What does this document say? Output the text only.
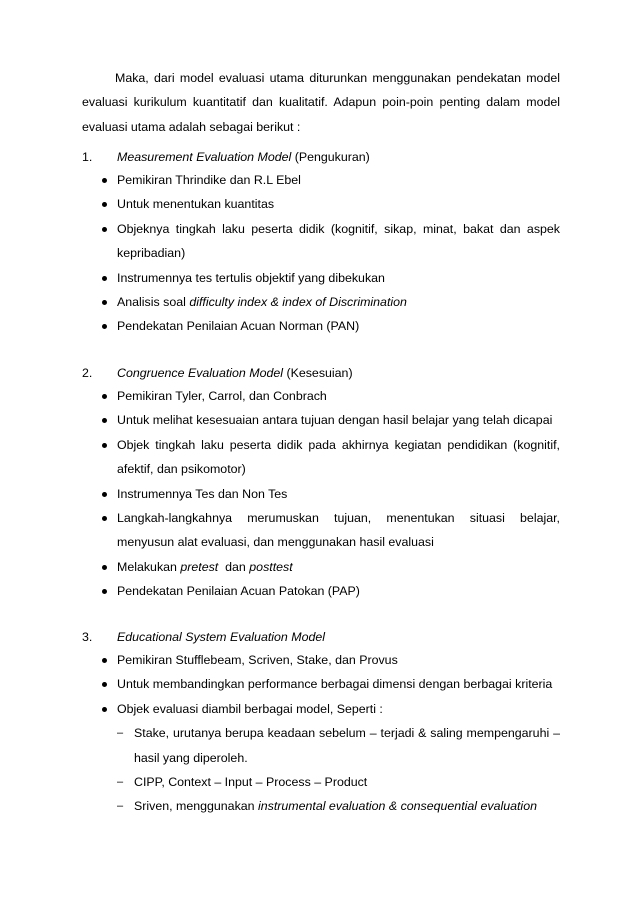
Maka, dari model evaluasi utama diturunkan menggunakan pendekatan model evaluasi kurikulum kuantitatif dan kualitatif. Adapun poin-poin penting dalam model evaluasi utama adalah sebagai berikut :

1. Measurement Evaluation Model (Pengukuran)
Pemikiran Thrindike dan R.L Ebel
Untuk menentukan kuantitas
Objeknya tingkah laku peserta didik (kognitif, sikap, minat, bakat dan aspek kepribadian)
Instrumennya tes tertulis objektif yang dibekukan
Analisis soal difficulty index & index of Discrimination
Pendekatan Penilaian Acuan Norman (PAN)
2. Congruence Evaluation Model (Kesesuian)
Pemikiran Tyler, Carrol, dan Conbrach
Untuk melihat kesesuaian antara tujuan dengan hasil belajar yang telah dicapai
Objek tingkah laku peserta didik pada akhirnya kegiatan pendidikan (kognitif, afektif, dan psikomotor)
Instrumennya Tes dan Non Tes
Langkah-langkahnya merumuskan tujuan, menentukan situasi belajar, menyusun alat evaluasi, dan menggunakan hasil evaluasi
Melakukan pretest  dan posttest
Pendekatan Penilaian Acuan Patokan (PAP)
3. Educational System Evaluation Model
Pemikiran Stufflebeam, Scriven, Stake, dan Provus
Untuk membandingkan performance berbagai dimensi dengan berbagai kriteria
Objek evaluasi diambil berbagai model, Seperti :
– Stake, urutanya berupa keadaan sebelum – terjadi & saling mempengaruhi – hasil yang diperoleh.
– CIPP, Context – Input – Process – Product
– Sriven, menggunakan instrumental evaluation & consequential evaluation
